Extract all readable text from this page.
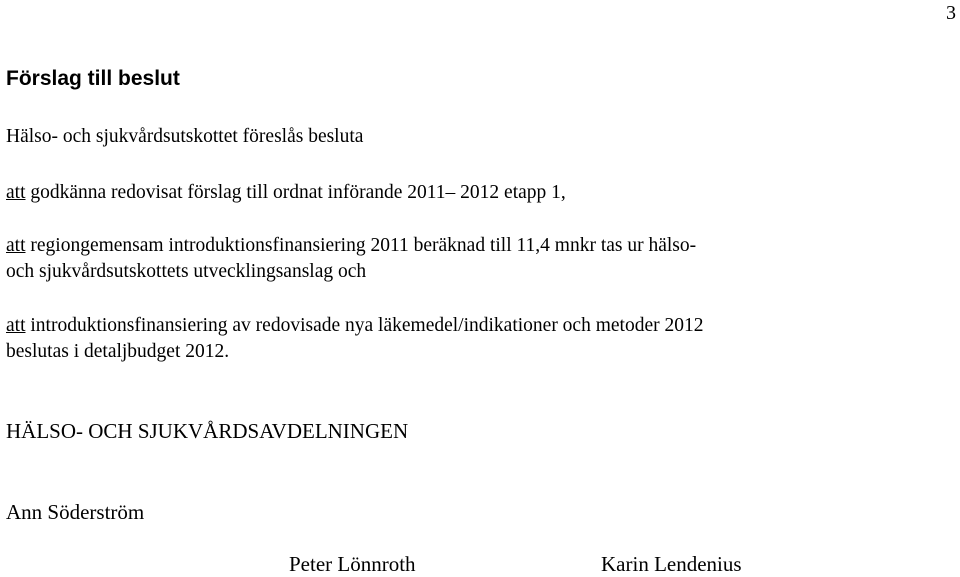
3
Förslag till beslut

Hälso- och sjukvårdsutskottet föreslås besluta

att godkänna redovisat förslag till ordnat införande 2011– 2012 etapp 1,

att regiongemensam introduktionsfinansiering 2011 beräknad till 11,4 mnkr tas ur hälso-
och sjukvårdsutskottets utvecklingsanslag och

att introduktionsfinansiering av redovisade nya läkemedel/indikationer och metoder 2012
beslutas i detaljbudget 2012.

HÄLSO- OCH SJUKVÅRDSAVDELNINGEN

Ann Söderström

Peter Lönnroth	Karin Lendenius
